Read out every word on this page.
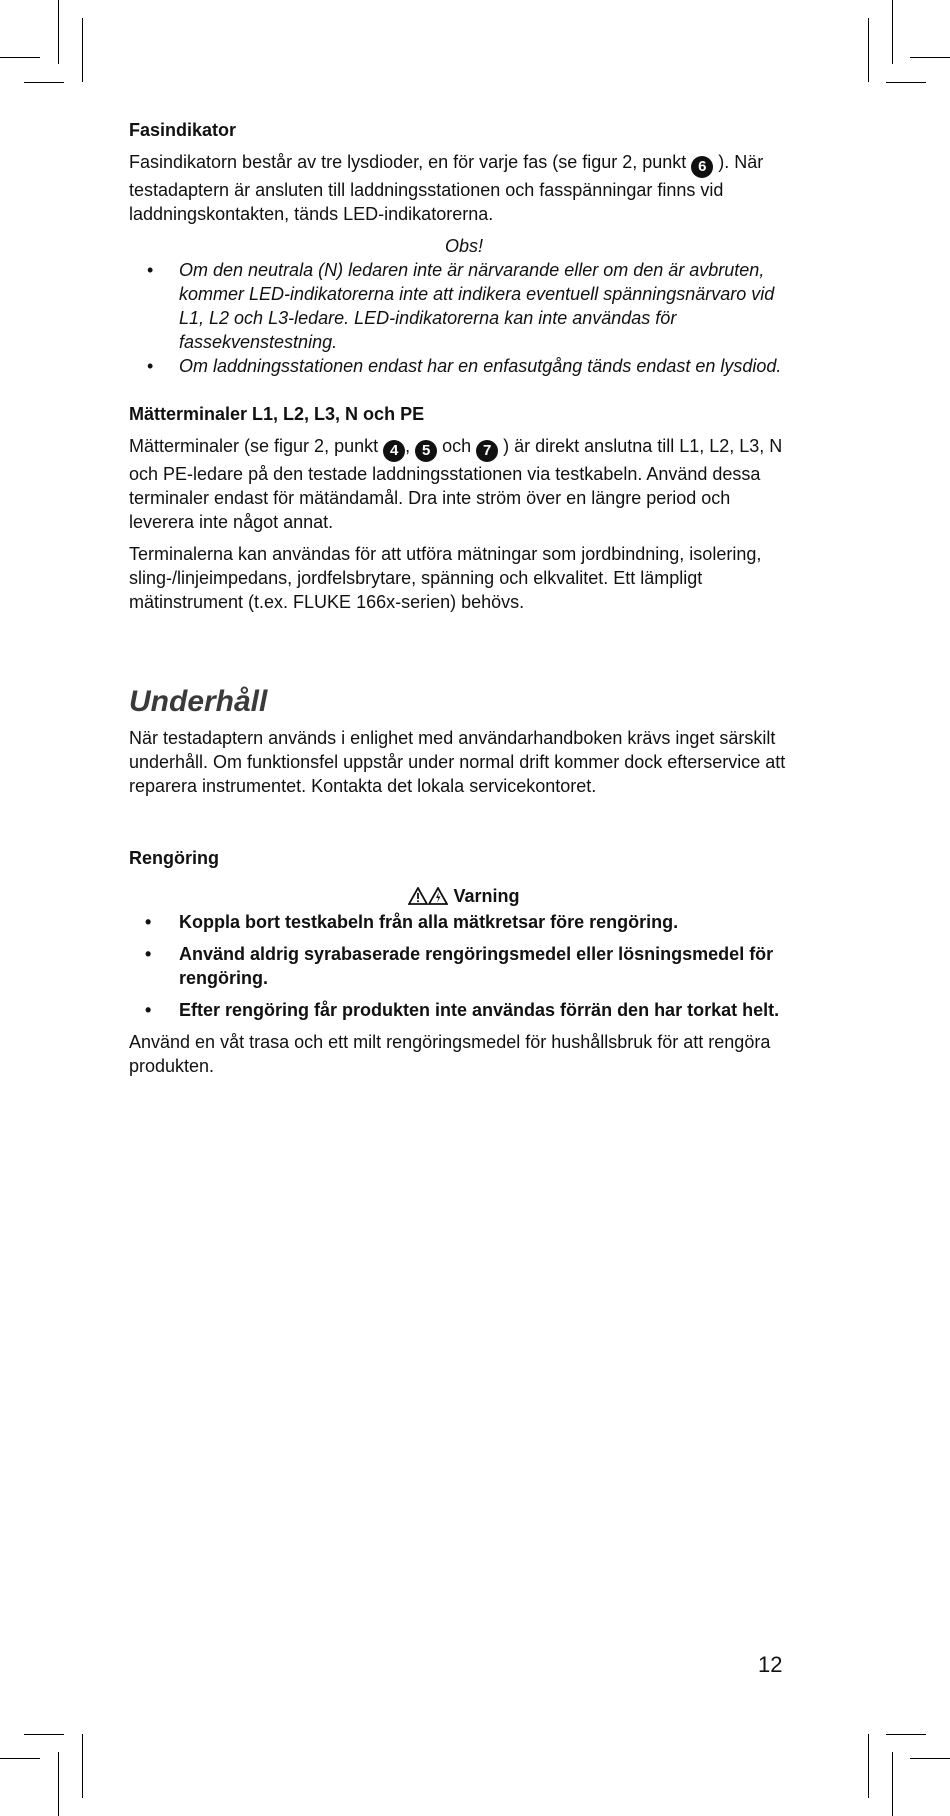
Fasindikator

Fasindikatorn består av tre lysdioder, en för varje fas (se figur 2, punkt 6 ). När testadaptern är ansluten till laddningsstationen och fasspänningar finns vid laddningskontakten, tänds LED-indikatorerna.

Obs!

• Om den neutrala (N) ledaren inte är närvarande eller om den är avbruten, kommer LED-indikatorerna inte att indikera eventuell spänningsnärvaro vid L1, L2 och L3-ledare. LED-indikatorerna kan inte användas för fassekvenstestning.
• Om laddningsstationen endast har en enfasutgång tänds endast en lysdiod.

Mätterminaler L1, L2, L3, N och PE

Mätterminaler (se figur 2, punkt 4 , 5 och 7 ) är direkt anslutna till L1, L2, L3, N och PE-ledare på den testade laddningsstationen via testkabeln. Använd dessa terminaler endast för mätändamål. Dra inte ström över en längre period och leverera inte något annat.

Terminalerna kan användas för att utföra mätningar som jordbindning, isolering, sling-/linjeimpedans, jordfelsbrytare, spänning och elkvalitet. Ett lämpligt mätinstrument (t.ex. FLUKE 166x-serien) behövs.

Underhåll

När testadaptern används i enlighet med användarhandboken krävs inget särskilt underhåll. Om funktionsfel uppstår under normal drift kommer dock efterservice att reparera instrumentet. Kontakta det lokala servicekontoret.

Rengöring

Varning

• Koppla bort testkabeln från alla mätkretsar före rengöring.
• Använd aldrig syrabaserade rengöringsmedel eller lösningsmedel för rengöring.
• Efter rengöring får produkten inte användas förrän den har torkat helt.

Använd en våt trasa och ett milt rengöringsmedel för hushållsbruk för att rengöra produkten.

12
